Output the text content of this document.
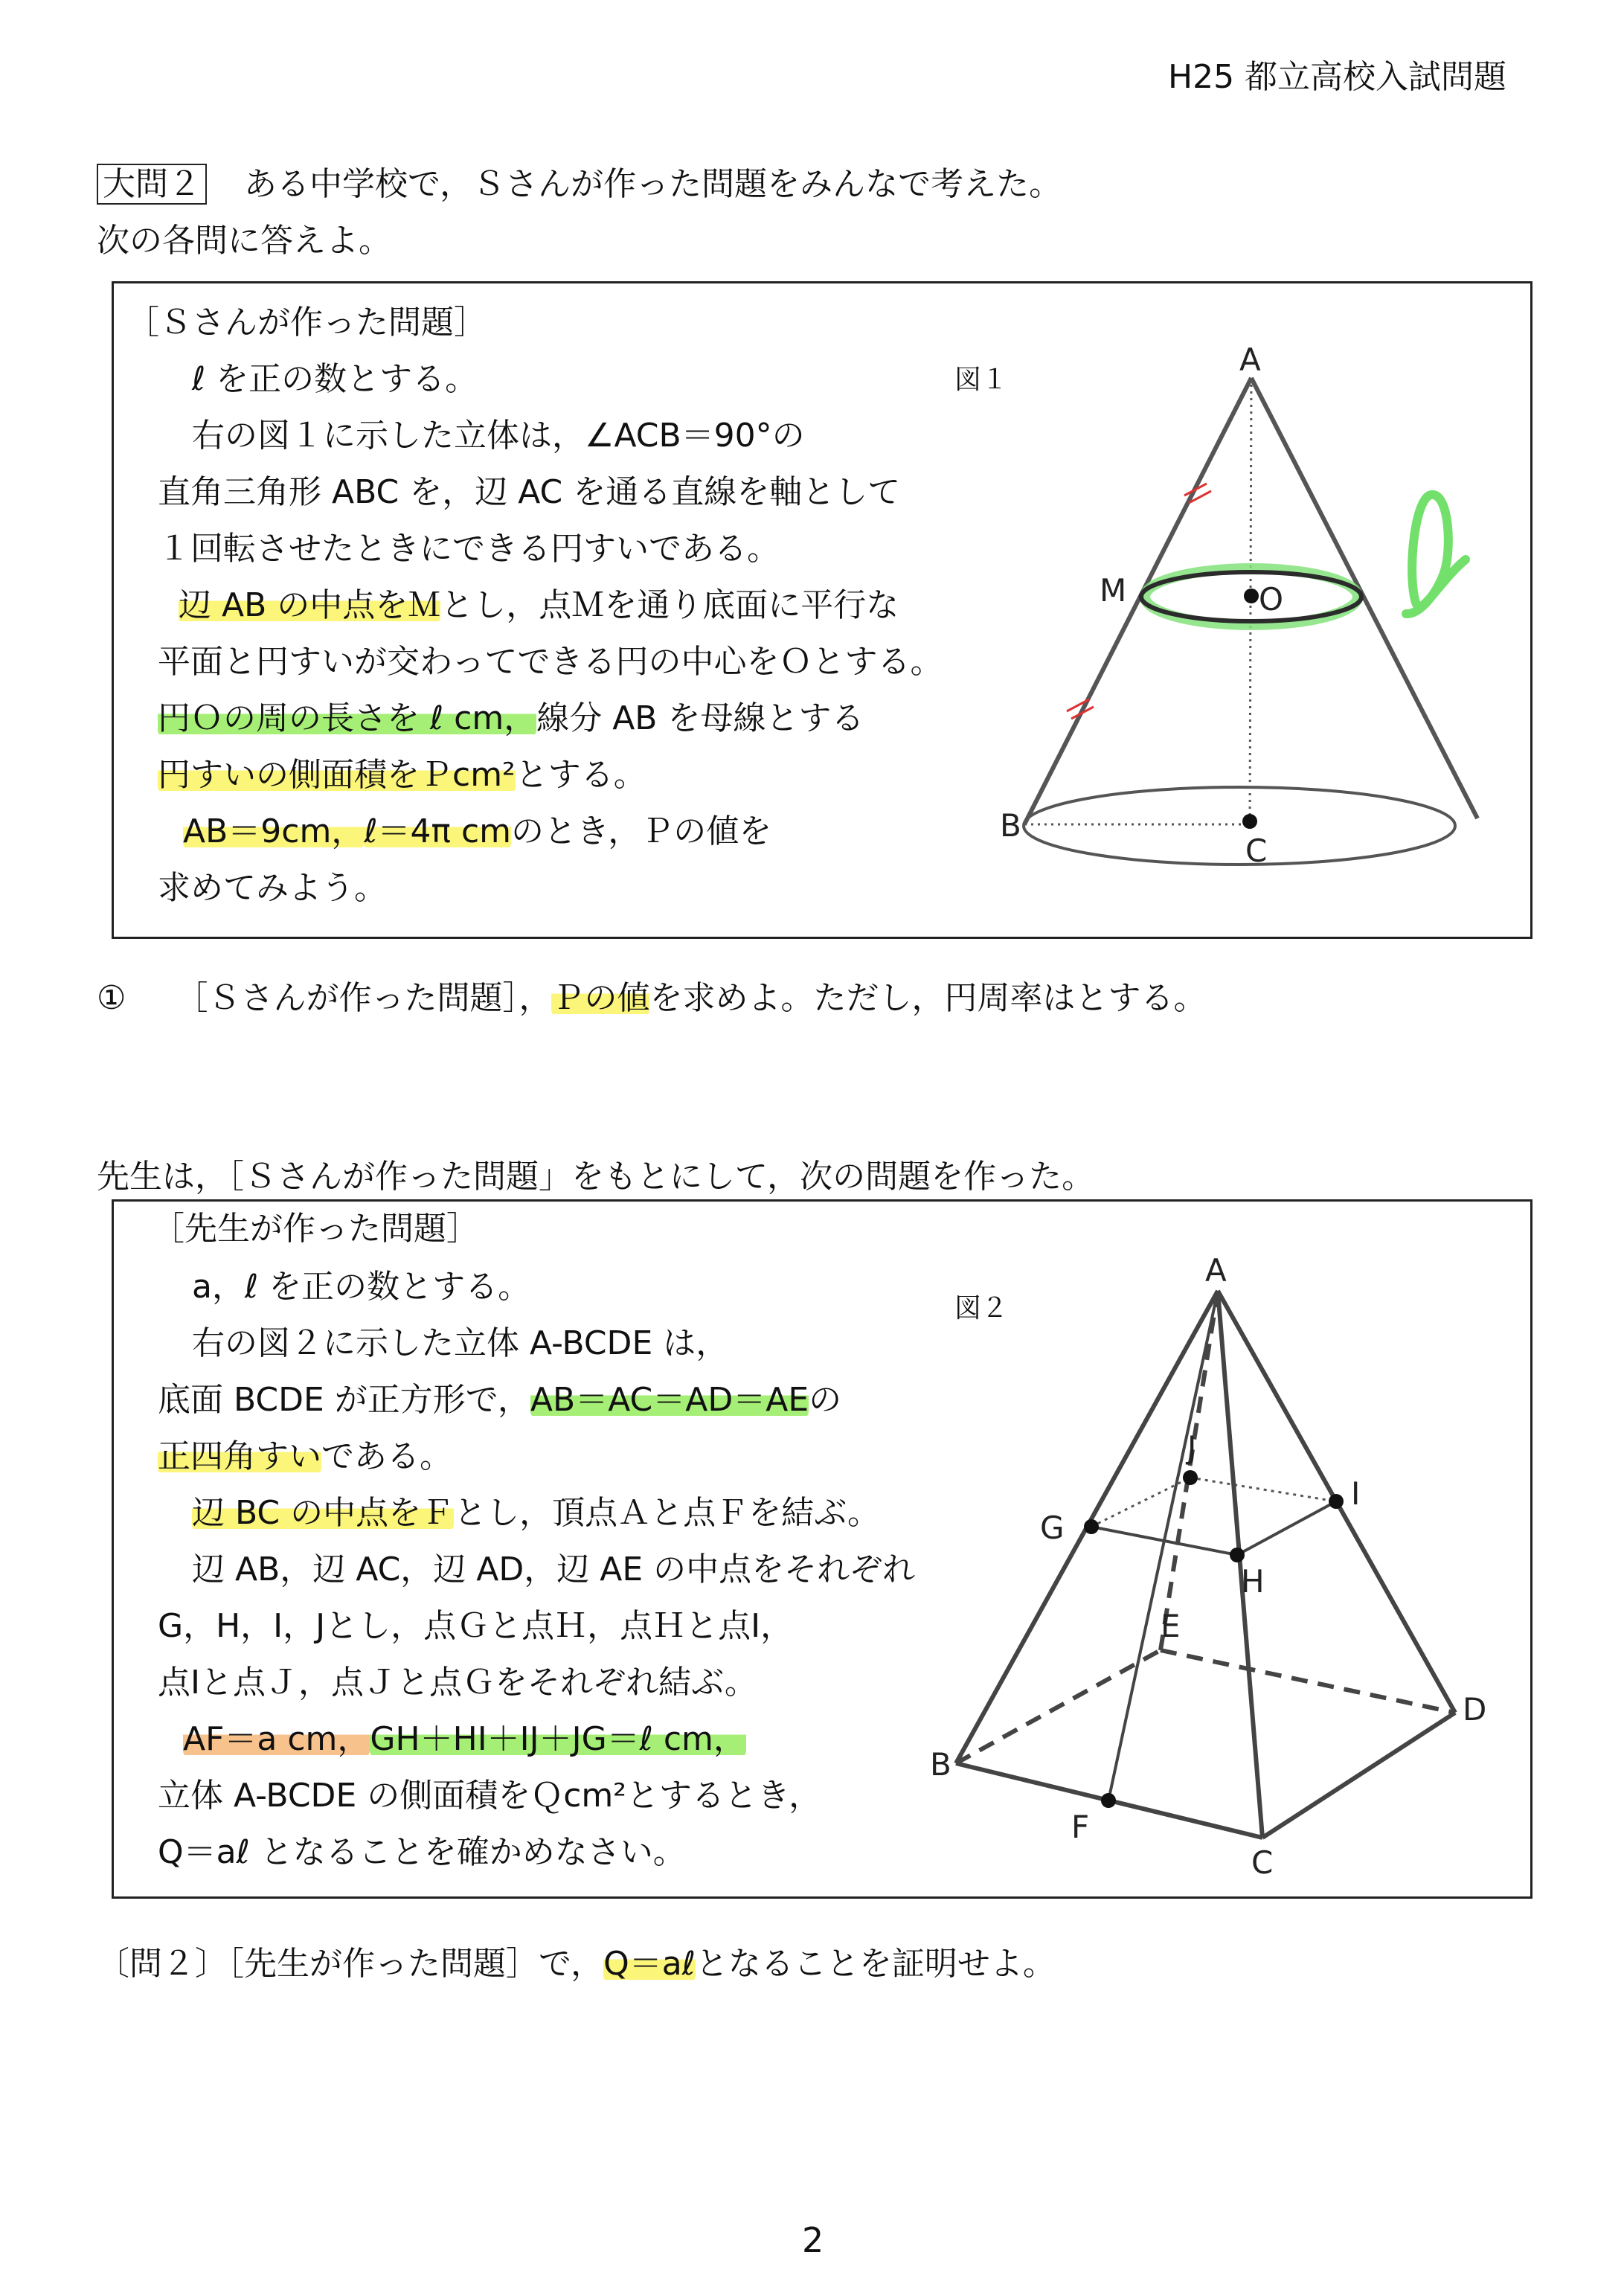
H25 都立高校入試問題
大問２ ある中学校で，Ｓさんが作った問題をみんなで考えた。
次の各問に答えよ。
［Ｓさんが作った問題］
ℓ を正の数とする。
右の図１に示した立体は，∠ACB＝90°の
直角三角形 ABC を，辺 AC を通る直線を軸として
１回転させたときにできる円すいである。
辺 AB の中点をＭとし，点Ｍを通り底面に平行な
平面と円すいが交わってできる円の中心をＯとする。
円Ｏの周の長さを ℓ cm，線分 AB を母線とする
円すいの側面積をＰcm²とする。
AB＝9cm，ℓ＝4π cmのとき，Ｐの値を
求めてみよう。
図１
A
B
C
M	O
① ［Ｓさんが作った問題］，Ｐの値を求めよ。ただし，円周率はとする。
先生は，［Ｓさんが作った問題」をもとにして，次の問題を作った。
［先生が作った問題］
a，ℓ を正の数とする。
右の図２に示した立体 A-BCDE は，
底面 BCDE が正方形で，AB＝AC＝AD＝AEの
正四角すいである。
辺 BC の中点をＦとし，頂点Ａと点Ｆを結ぶ。
辺 AB，辺 AC，辺 AD，辺 AE の中点をそれぞれ
G，H，I，Jとし，点Ｇと点Ｈ，点Ｈと点I，
点Iと点Ｊ，点Ｊと点Ｇをそれぞれ結ぶ。
AF＝a cm，GH＋HI＋IJ＋JG＝ℓ cm，
立体 A-BCDE の側面積をＱcm²とするとき，
Q＝aℓ となることを確かめなさい。
図２
A
B
C
D
E
F
G
H
I
J
〔問２〕［先生が作った問題］で，Q＝aℓとなることを証明せよ。
2
